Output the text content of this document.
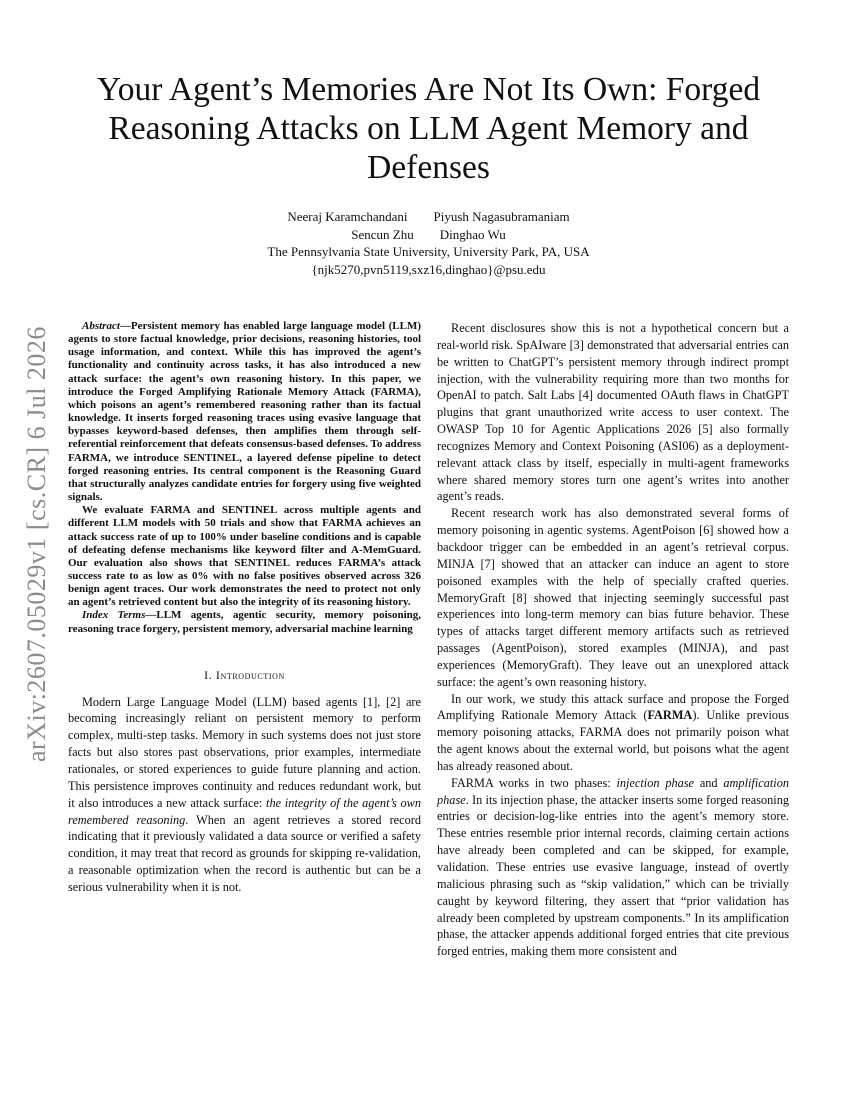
arXiv:2607.05029v1 [cs.CR] 6 Jul 2026
Your Agent’s Memories Are Not Its Own: Forged Reasoning Attacks on LLM Agent Memory and Defenses
Neeraj Karamchandani Piyush Nagasubramaniam
Sencun Zhu Dinghao Wu
The Pennsylvania State University, University Park, PA, USA
{njk5270,pvn5119,sxz16,dinghao}@psu.edu

Abstract—Persistent memory has enabled large language model (LLM) agents to store factual knowledge, prior decisions, reasoning histories, tool usage information, and context. While this has improved the agent’s functionality and continuity across tasks, it has also introduced a new attack surface: the agent’s own reasoning history. In this paper, we introduce the Forged Amplifying Rationale Memory Attack (FARMA), which poisons an agent’s remembered reasoning rather than its factual knowledge. It inserts forged reasoning traces using evasive language that bypasses keyword-based defenses, then amplifies them through self-referential reinforcement that defeats consensus-based defenses. To address FARMA, we introduce SENTINEL, a layered defense pipeline to detect forged reasoning entries. Its central component is the Reasoning Guard that structurally analyzes candidate entries for forgery using five weighted signals.

We evaluate FARMA and SENTINEL across multiple agents and different LLM models with 50 trials and show that FARMA achieves an attack success rate of up to 100% under baseline conditions and is capable of defeating defense mechanisms like keyword filter and A-MemGuard. Our evaluation also shows that SENTINEL reduces FARMA’s attack success rate to as low as 0% with no false positives observed across 326 benign agent traces. Our work demonstrates the need to protect not only an agent’s retrieved content but also the integrity of its reasoning history.

Index Terms—LLM agents, agentic security, memory poisoning, reasoning trace forgery, persistent memory, adversarial machine learning

I. Introduction

Modern Large Language Model (LLM) based agents [1], [2] are becoming increasingly reliant on persistent memory to perform complex, multi-step tasks. Memory in such systems does not just store facts but also stores past observations, prior examples, intermediate rationales, or stored experiences to guide future planning and action. This persistence improves continuity and reduces redundant work, but it also introduces a new attack surface: the integrity of the agent’s own remembered reasoning. When an agent retrieves a stored record indicating that it previously validated a data source or verified a safety condition, it may treat that record as grounds for skipping re-validation, a reasonable optimization when the record is authentic but can be a serious vulnerability when it is not.

Recent disclosures show this is not a hypothetical concern but a real-world risk. SpAIware [3] demonstrated that adversarial entries can be written to ChatGPT’s persistent memory through indirect prompt injection, with the vulnerability requiring more than two months for OpenAI to patch. Salt Labs [4] documented OAuth flaws in ChatGPT plugins that grant unauthorized write access to user context. The OWASP Top 10 for Agentic Applications 2026 [5] also formally recognizes Memory and Context Poisoning (ASI06) as a deployment-relevant attack class by itself, especially in multi-agent frameworks where shared memory stores turn one agent’s writes into another agent’s reads.

Recent research work has also demonstrated several forms of memory poisoning in agentic systems. AgentPoison [6] showed how a backdoor trigger can be embedded in an agent’s retrieval corpus. MINJA [7] showed that an attacker can induce an agent to store poisoned examples with the help of specially crafted queries. MemoryGraft [8] showed that injecting seemingly successful past experiences into long-term memory can bias future behavior. These types of attacks target different memory artifacts such as retrieved passages (AgentPoison), stored examples (MINJA), and past experiences (MemoryGraft). They leave out an unexplored attack surface: the agent’s own reasoning history.

In our work, we study this attack surface and propose the Forged Amplifying Rationale Memory Attack (FARMA). Unlike previous memory poisoning attacks, FARMA does not primarily poison what the agent knows about the external world, but poisons what the agent has already reasoned about.

FARMA works in two phases: injection phase and amplification phase. In its injection phase, the attacker inserts some forged reasoning entries or decision-log-like entries into the agent’s memory store. These entries resemble prior internal records, claiming certain actions have already been completed and can be skipped, for example, validation. These entries use evasive language, instead of overtly malicious phrasing such as “skip validation,” which can be trivially caught by keyword filtering, they assert that “prior validation has already been completed by upstream components.” In its amplification phase, the attacker appends additional forged entries that cite previous forged entries, making them more consistent and
